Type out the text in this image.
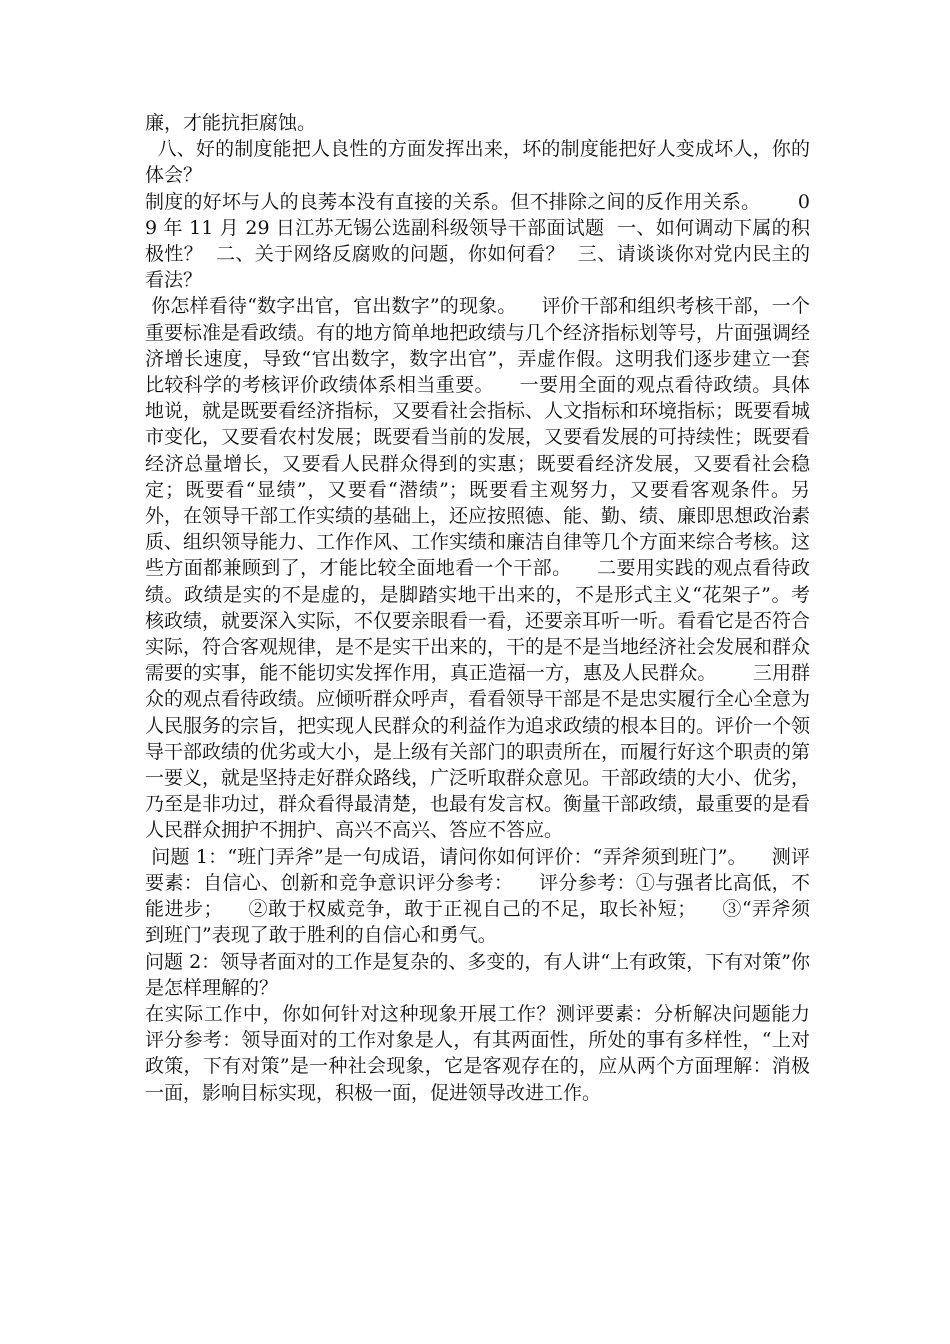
廉，才能抗拒腐蚀。

八、好的制度能把人良性的方面发挥出来，坏的制度能把好人变成坏人，你的体会？

制度的好坏与人的良莠本没有直接的关系。但不排除之间的反作用关系。      09 年 11 月 29 日江苏无锡公选副科级领导干部面试题  一、如何调动下属的积极性？  二、关于网络反腐败的问题，你如何看？  三、请谈谈你对党内民主的看法？

你怎样看待“数字出官，官出数字”的现象。    评价干部和组织考核干部，一个重要标准是看政绩。有的地方简单地把政绩与几个经济指标划等号，片面强调经济增长速度，导致“官出数字，数字出官”，弄虚作假。这明我们逐步建立一套比较科学的考核评价政绩体系相当重要。    一要用全面的观点看待政绩。具体地说，就是既要看经济指标，又要看社会指标、人文指标和环境指标；既要看城市变化，又要看农村发展；既要看当前的发展，又要看发展的可持续性；既要看经济总量增长，又要看人民群众得到的实惠；既要看经济发展，又要看社会稳定；既要看“显绩”，又要看“潜绩”；既要看主观努力，又要看客观条件。另外，在领导干部工作实绩的基础上，还应按照德、能、勤、绩、廉即思想政治素质、组织领导能力、工作作风、工作实绩和廉洁自律等几个方面来综合考核。这些方面都兼顾到了，才能比较全面地看一个干部。    二要用实践的观点看待政绩。政绩是实的不是虚的，是脚踏实地干出来的，不是形式主义“花架子”。考核政绩，就要深入实际，不仅要亲眼看一看，还要亲耳听一听。看看它是否符合实际，符合客观规律，是不是实干出来的，干的是不是当地经济社会发展和群众需要的实事，能不能切实发挥作用，真正造福一方，惠及人民群众。      三用群众的观点看待政绩。应倾听群众呼声，看看领导干部是不是忠实履行全心全意为人民服务的宗旨，把实现人民群众的利益作为追求政绩的根本目的。评价一个领导干部政绩的优劣或大小，是上级有关部门的职责所在，而履行好这个职责的第一要义，就是坚持走好群众路线，广泛听取群众意见。干部政绩的大小、优劣，乃至是非功过，群众看得最清楚，也最有发言权。衡量干部政绩，最重要的是看人民群众拥护不拥护、高兴不高兴、答应不答应。

问题 1：“班门弄斧”是一句成语，请问你如何评价：“弄斧须到班门”。    测评要素：自信心、创新和竞争意识评分参考：    评分参考：①与强者比高低，不能进步；    ②敢于权威竞争，敢于正视自己的不足，取长补短；    ③“弄斧须到班门”表现了敢于胜利的自信心和勇气。

问题 2：领导者面对的工作是复杂的、多变的，有人讲“上有政策，下有对策”你是怎样理解的？

在实际工作中，你如何针对这种现象开展工作？测评要素：分析解决问题能力  评分参考：领导面对的工作对象是人，有其两面性，所处的事有多样性，“上对政策，下有对策”是一种社会现象，它是客观存在的，应从两个方面理解：消极一面，影响目标实现，积极一面，促进领导改进工作。
